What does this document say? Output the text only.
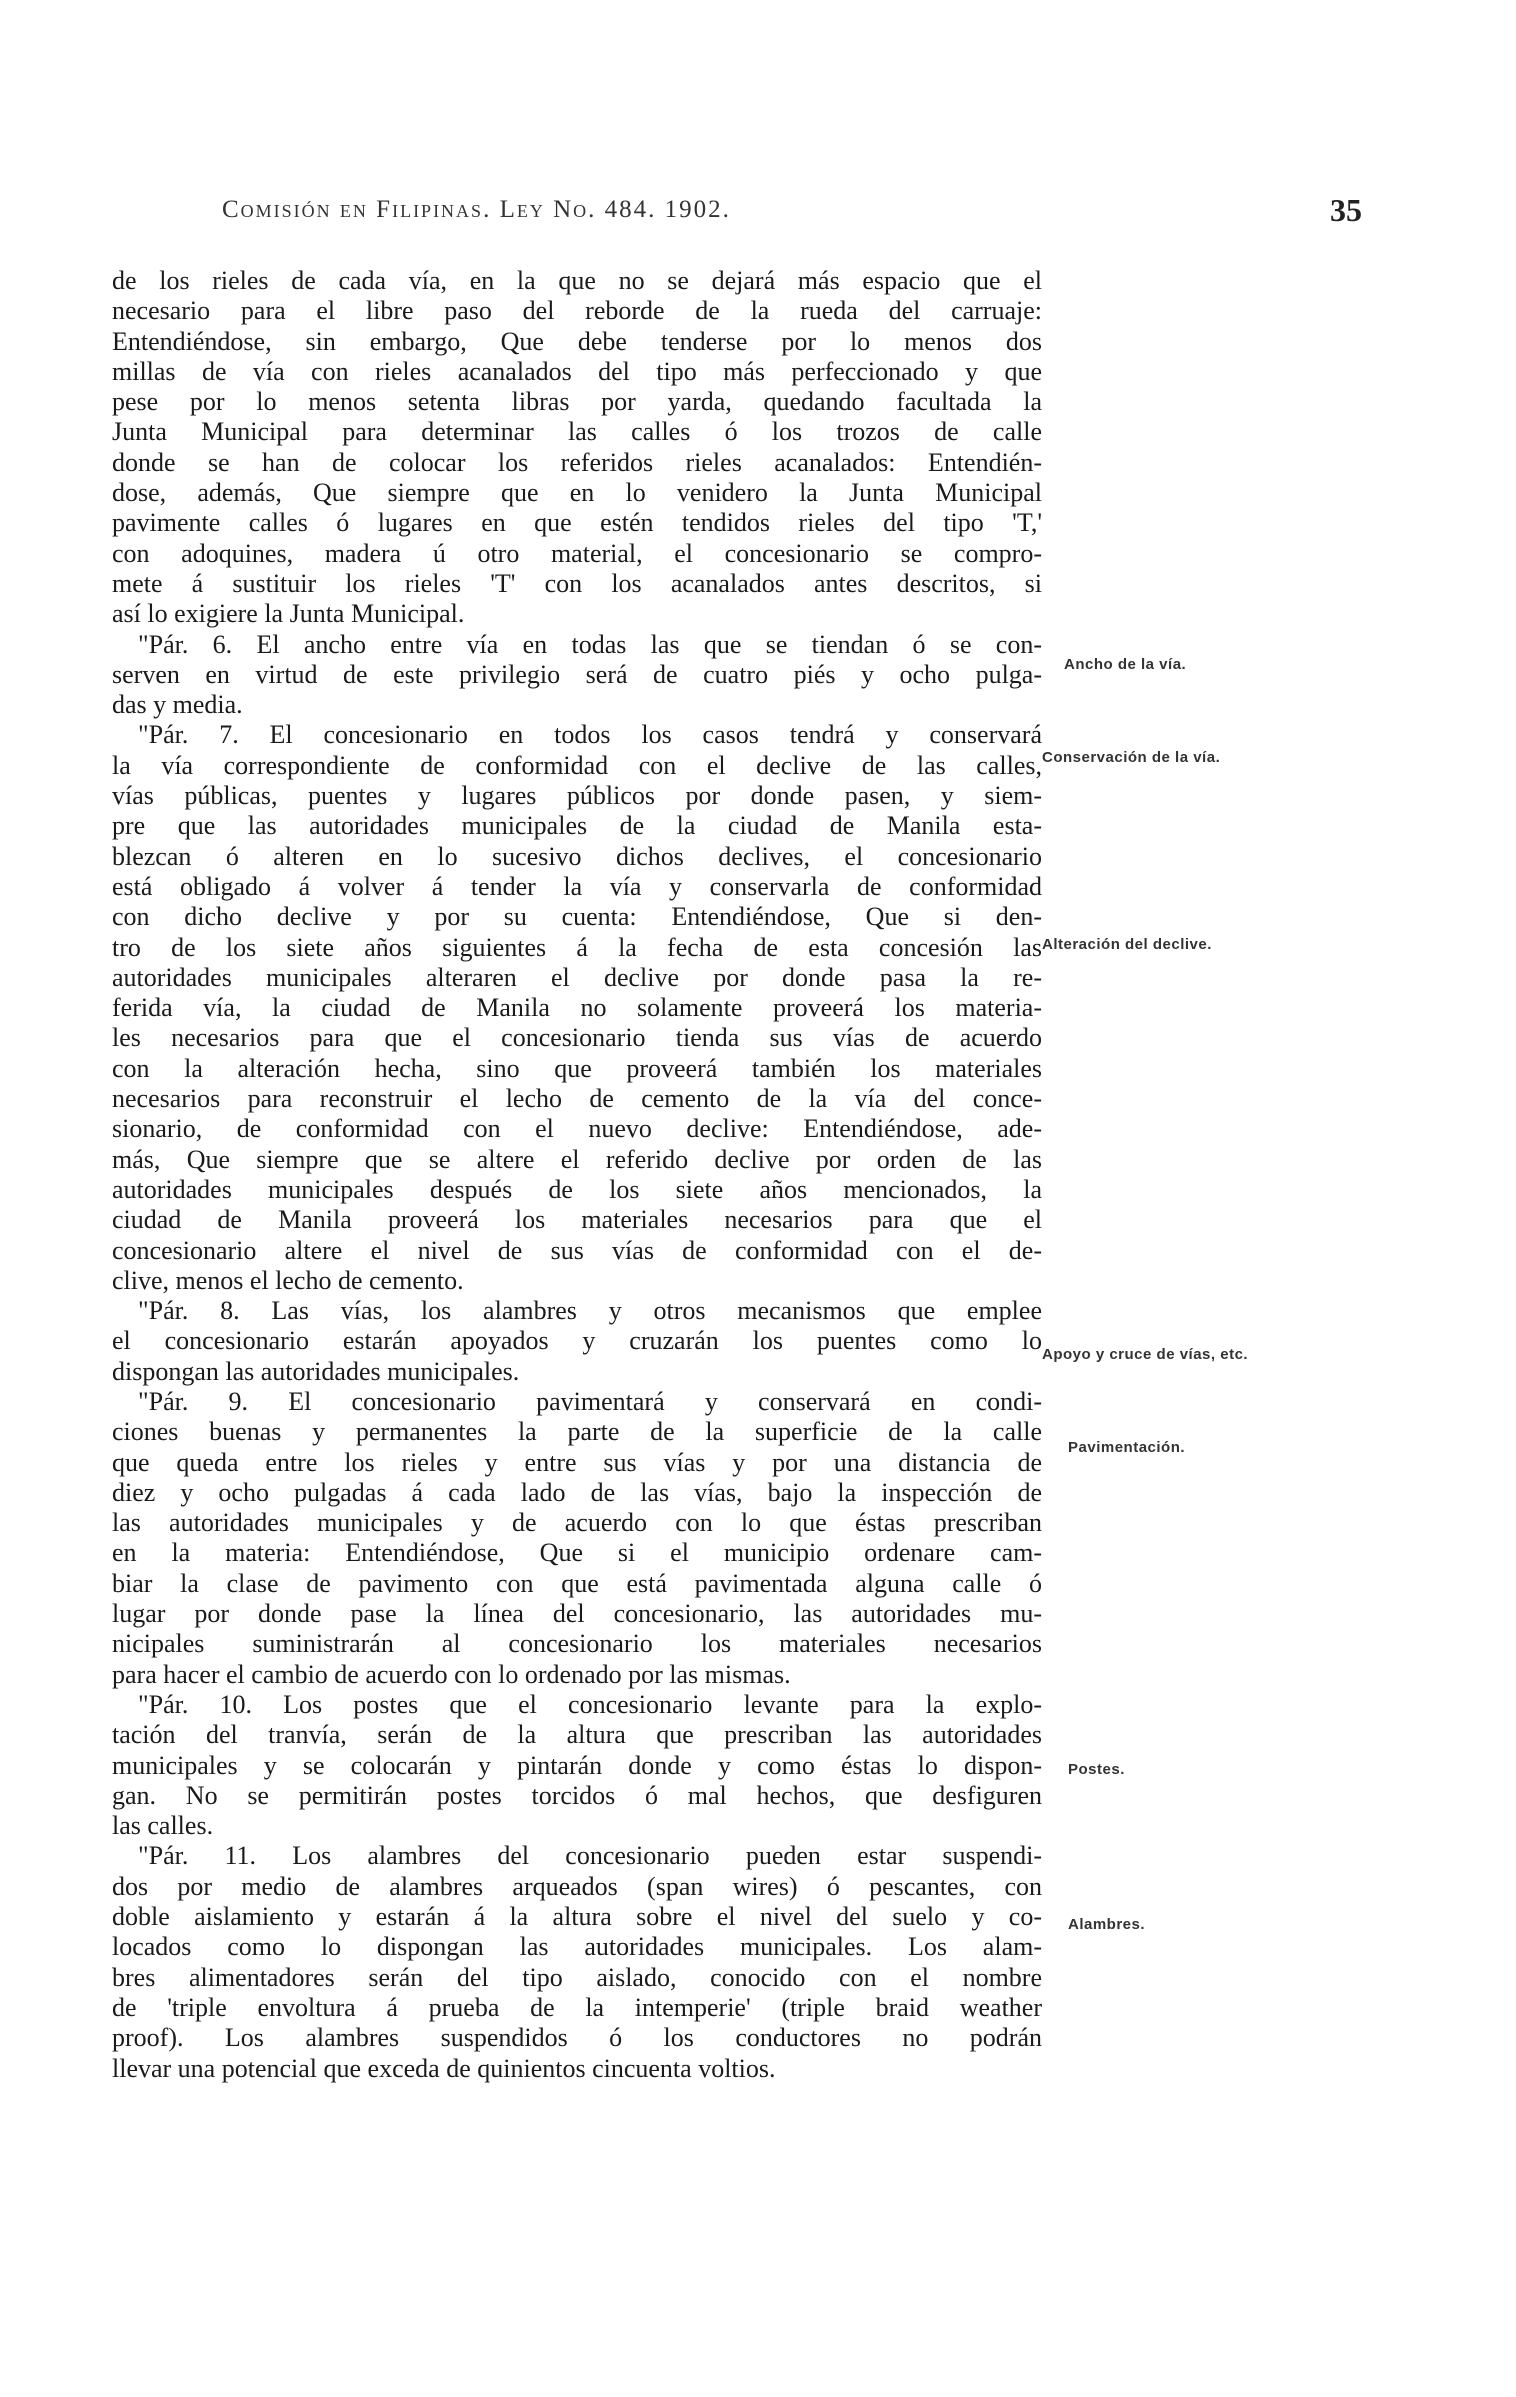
Comisión en Filipinas. Ley No. 484. 1902.	35
de los rieles de cada vía, en la que no se dejará más espacio que el
necesario para el libre paso del reborde de la rueda del carruaje:
Entendiéndose, sin embargo, Que debe tenderse por lo menos dos
millas de vía con rieles acanalados del tipo más perfeccionado y que
pese por lo menos setenta libras por yarda, quedando facultada la
Junta Municipal para determinar las calles ó los trozos de calle
donde se han de colocar los referidos rieles acanalados: Entendién-
dose, además, Que siempre que en lo venidero la Junta Municipal
pavimente calles ó lugares en que estén tendidos rieles del tipo 'T,'
con adoquines, madera ú otro material, el concesionario se compro-
mete á sustituir los rieles 'T' con los acanalados antes descritos, si
así lo exigiere la Junta Municipal.
"Pár. 6. El ancho entre vía en todas las que se tiendan ó se con-
serven en virtud de este privilegio será de cuatro piés y ocho pulga-
das y media.
"Pár. 7. El concesionario en todos los casos tendrá y conservará
la vía correspondiente de conformidad con el declive de las calles,
vías públicas, puentes y lugares públicos por donde pasen, y siem-
pre que las autoridades municipales de la ciudad de Manila esta-
blezcan ó alteren en lo sucesivo dichos declives, el concesionario
está obligado á volver á tender la vía y conservarla de conformidad
con dicho declive y por su cuenta: Entendiéndose, Que si den-
tro de los siete años siguientes á la fecha de esta concesión las
autoridades municipales alteraren el declive por donde pasa la re-
ferida vía, la ciudad de Manila no solamente proveerá los materia-
les necesarios para que el concesionario tienda sus vías de acuerdo
con la alteración hecha, sino que proveerá también los materiales
necesarios para reconstruir el lecho de cemento de la vía del conce-
sionario, de conformidad con el nuevo declive: Entendiéndose, ade-
más, Que siempre que se altere el referido declive por orden de las
autoridades municipales después de los siete años mencionados, la
ciudad de Manila proveerá los materiales necesarios para que el
concesionario altere el nivel de sus vías de conformidad con el de-
clive, menos el lecho de cemento.
"Pár. 8. Las vías, los alambres y otros mecanismos que emplee
el concesionario estarán apoyados y cruzarán los puentes como lo
dispongan las autoridades municipales.
"Pár. 9. El concesionario pavimentará y conservará en condi-
ciones buenas y permanentes la parte de la superficie de la calle
que queda entre los rieles y entre sus vías y por una distancia de
diez y ocho pulgadas á cada lado de las vías, bajo la inspección de
las autoridades municipales y de acuerdo con lo que éstas prescriban
en la materia: Entendiéndose, Que si el municipio ordenare cam-
biar la clase de pavimento con que está pavimentada alguna calle ó
lugar por donde pase la línea del concesionario, las autoridades mu-
nicipales suministrarán al concesionario los materiales necesarios
para hacer el cambio de acuerdo con lo ordenado por las mismas.
"Pár. 10. Los postes que el concesionario levante para la explo-
tación del tranvía, serán de la altura que prescriban las autoridades
municipales y se colocarán y pintarán donde y como éstas lo dispon-
gan. No se permitirán postes torcidos ó mal hechos, que desfiguren
las calles.
"Pár. 11. Los alambres del concesionario pueden estar suspendi-
dos por medio de alambres arqueados (span wires) ó pescantes, con
doble aislamiento y estarán á la altura sobre el nivel del suelo y co-
locados como lo dispongan las autoridades municipales. Los alam-
bres alimentadores serán del tipo aislado, conocido con el nombre
de 'triple envoltura á prueba de la intemperie' (triple braid weather
proof). Los alambres suspendidos ó los conductores no podrán
llevar una potencial que exceda de quinientos cincuenta voltios.
Ancho de la vía.
Conservación de la vía.
Alteración del declive.
Apoyo y cruce de vías, etc.
Pavimentación.
Postes.
Alambres.
